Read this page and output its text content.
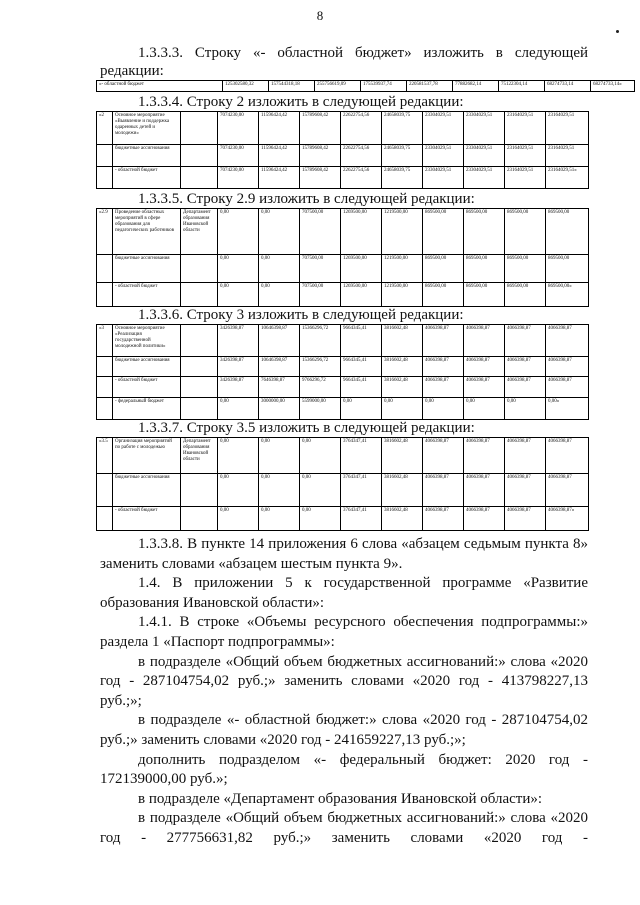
8
1.3.3.3. Строку «- областной бюджет» изложить в следующей
редакции:
«- областной бюджет	125302580,32	157544318,18	255756619,09	175539937,74	220581537,78	77882682,14	75122304,14	68274733,14	68274733,14»
1.3.3.4. Строку 2 изложить в следующей редакции:
«2	Основное мероприятие «Выявление и поддержка одаренных детей и молодежи»		7074230,00	11596424,42	15789608,42	22622754,56	24658039,75	23304029,51	23304029,51	23164029,51	23164029,51
	бюджетные ассигнования		7074230,00	11596424,42	15789608,42	22622754,56	24658039,75	23304029,51	23304029,51	23164029,51	23164029,51
	- областной бюджет		7074230,00	11596424,42	15789608,42	22622754,56	24658039,75	23304029,51	23304029,51	23164029,51	23164029,51»
1.3.3.5. Строку 2.9 изложить в следующей редакции:
«2.9	Проведение областных мероприятий в сфере образования для педагогических работников	Департамент образования Ивановской области	0,00	0,00	707500,00	1269500,00	1219500,00	869500,00	869500,00	869500,00	869500,00
	бюджетные ассигнования		0,00	0,00	707500,00	1269500,00	1219500,00	869500,00	869500,00	869500,00	869500,00
	- областной бюджет		0,00	0,00	707500,00	1269500,00	1219500,00	869500,00	869500,00	869500,00	869500,00»
1.3.3.6. Строку 3 изложить в следующей редакции:
«3	Основное мероприятие «Реализация государственной молодежной политики»		3426398,87	10646398,87	15366296,72	9664345,41	3816602,48	4066398,87	4066398,87	4066398,87	4066398,87
	бюджетные ассигнования		3426398,87	10646398,87	15366296,72	9664345,41	3816602,48	4066398,87	4066398,87	4066398,87	4066398,87
	- областной бюджет		3426398,87	7646398,87	9766296,72	9664345,41	3816602,48	4066398,87	4066398,87	4066398,87	4066398,87
	- федеральный бюджет		0,00	3000000,00	5599000,00	0,00	0,00	0,00	0,00	0,00	0,00»
1.3.3.7. Строку 3.5 изложить в следующей редакции:
«3.5	Организация мероприятий по работе с молодежью	Департамент образования Ивановской области	0,00	0,00	0,00	3764347,41	3816602,48	4066398,87	4066398,87	4066398,87	4066398,87
	бюджетные ассигнования		0,00	0,00	0,00	3764347,41	3816602,48	4066398,87	4066398,87	4066398,87	4066398,87
	- областной бюджет		0,00	0,00	0,00	3764347,41	3816602,48	4066398,87	4066398,87	4066398,87	4066398,87»
1.3.3.8. В пункте 14 приложения 6 слова «абзацем седьмым пункта 8» заменить словами «абзацем шестым пункта 9».
1.4. В приложении 5 к государственной программе «Развитие образования Ивановской области»:
1.4.1. В строке «Объемы ресурсного обеспечения подпрограммы:» раздела 1 «Паспорт подпрограммы»:
в подразделе «Общий объем бюджетных ассигнований:» слова «2020 год - 287104754,02 руб.;» заменить словами «2020 год - 413798227,13 руб.;»;
в подразделе «- областной бюджет:» слова «2020 год - 287104754,02 руб.;» заменить словами «2020 год - 241659227,13 руб.;»;
дополнить подразделом «- федеральный бюджет: 2020 год - 172139000,00 руб.»;
в подразделе «Департамент образования Ивановской области»:
в подразделе «Общий объем бюджетных ассигнований:» слова «2020 год - 277756631,82 руб.;» заменить словами «2020 год -
